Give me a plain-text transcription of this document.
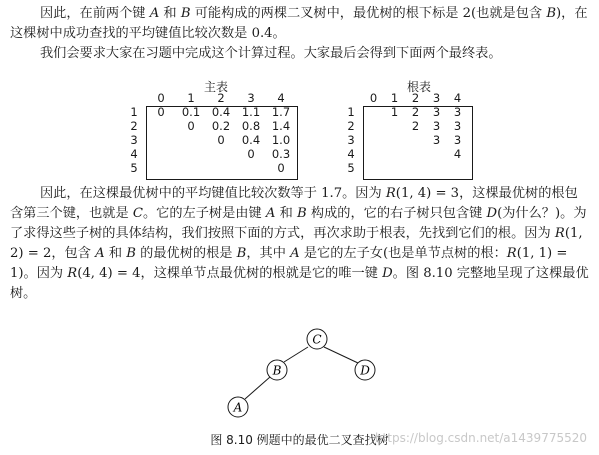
因此，在前两个键 A 和 B 可能构成的两棵二叉树中，最优树的根下标是 2(也就是包含 B)，在这棵树中成功查找的平均键值比较次数是 0.4。

我们会要求大家在习题中完成这个计算过程。大家最后会得到下面两个最终表。

主表
	0	1	2	3	4
1	0	0.1	0.4	1.1	1.7
2		0	0.2	0.8	1.4
3			0	0.4	1.0
4				0	0.3
5					0
根表
	0	1	2	3	4
1		1	2	3	3
2			2	3	3
3				3	3
4					4
5					

因此，在这棵最优树中的平均键值比较次数等于 1.7。因为 R(1, 4) = 3，这棵最优树的根包含第三个键，也就是 C。它的左子树是由键 A 和 B 构成的，它的右子树只包含键 D(为什么？)。为了求得这些子树的具体结构，我们按照下面的方式，再次求助于根表，先找到它们的根。因为 R(1, 2) = 2，包含 A 和 B 的最优树的根是 B，其中 A 是它的左子女(也是单节点树的根：R(1, 1) = 1)。因为 R(4, 4) = 4，这棵单节点最优树的根就是它的唯一键 D。图 8.10 完整地呈现了这棵最优树。

C
B	D
A
图 8.10 例题中的最优二叉查找树
https://blog.csdn.net/a1439775520
